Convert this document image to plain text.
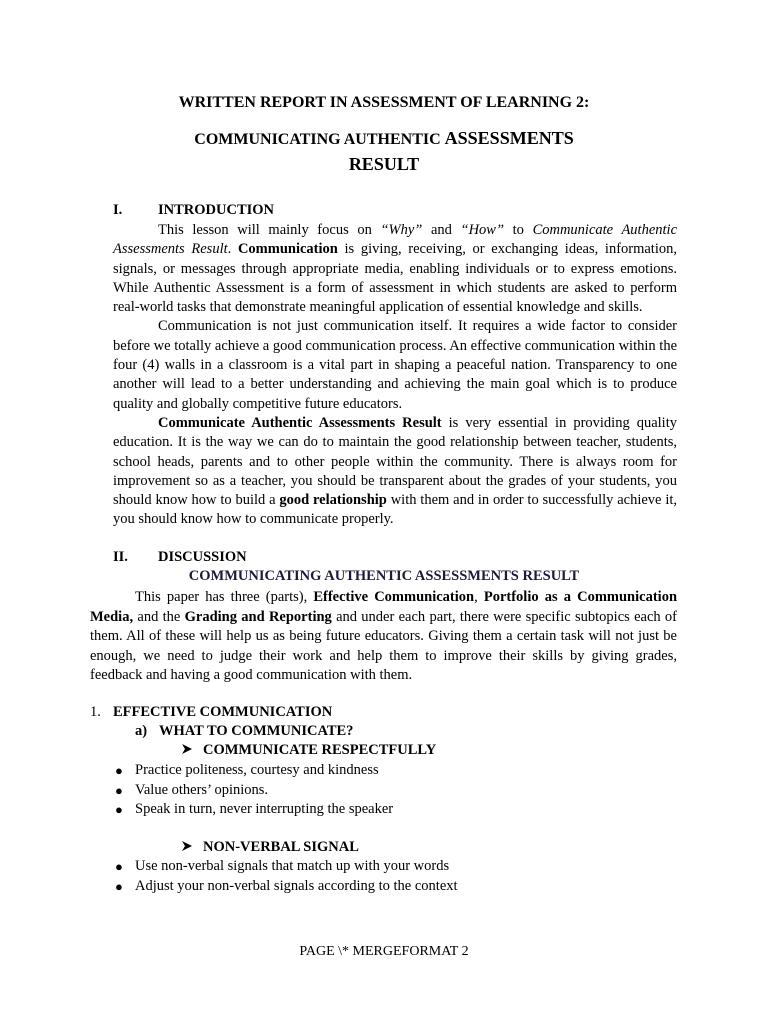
WRITTEN REPORT IN ASSESSMENT OF LEARNING 2:
COMMUNICATING AUTHENTIC ASSESSMENTS
RESULT
I. INTRODUCTION

This lesson will mainly focus on “Why” and “How” to Communicate Authentic Assessments Result. Communication is giving, receiving, or exchanging ideas, information, signals, or messages through appropriate media, enabling individuals or to express emotions. While Authentic Assessment is a form of assessment in which students are asked to perform real-world tasks that demonstrate meaningful application of essential knowledge and skills.

Communication is not just communication itself. It requires a wide factor to consider before we totally achieve a good communication process. An effective communication within the four (4) walls in a classroom is a vital part in shaping a peaceful nation. Transparency to one another will lead to a better understanding and achieving the main goal which is to produce quality and globally competitive future educators.

Communicate Authentic Assessments Result is very essential in providing quality education. It is the way we can do to maintain the good relationship between teacher, students, school heads, parents and to other people within the community. There is always room for improvement so as a teacher, you should be transparent about the grades of your students, you should know how to build a good relationship with them and in order to successfully achieve it, you should know how to communicate properly.

II. DISCUSSION
COMMUNICATING AUTHENTIC ASSESSMENTS RESULT

This paper has three (parts), Effective Communication, Portfolio as a Communication Media, and the Grading and Reporting and under each part, there were specific subtopics each of them. All of these will help us as being future educators. Giving them a certain task will not just be enough, we need to judge their work and help them to improve their skills by giving grades, feedback and having a good communication with them.

1. EFFECTIVE COMMUNICATION
a) WHAT TO COMMUNICATE?
COMMUNICATE RESPECTFULLY
● Practice politeness, courtesy and kindness
● Value others’ opinions.
● Speak in turn, never interrupting the speaker
NON-VERBAL SIGNAL
● Use non-verbal signals that match up with your words
● Adjust your non-verbal signals according to the context
PAGE \* MERGEFORMAT 2
